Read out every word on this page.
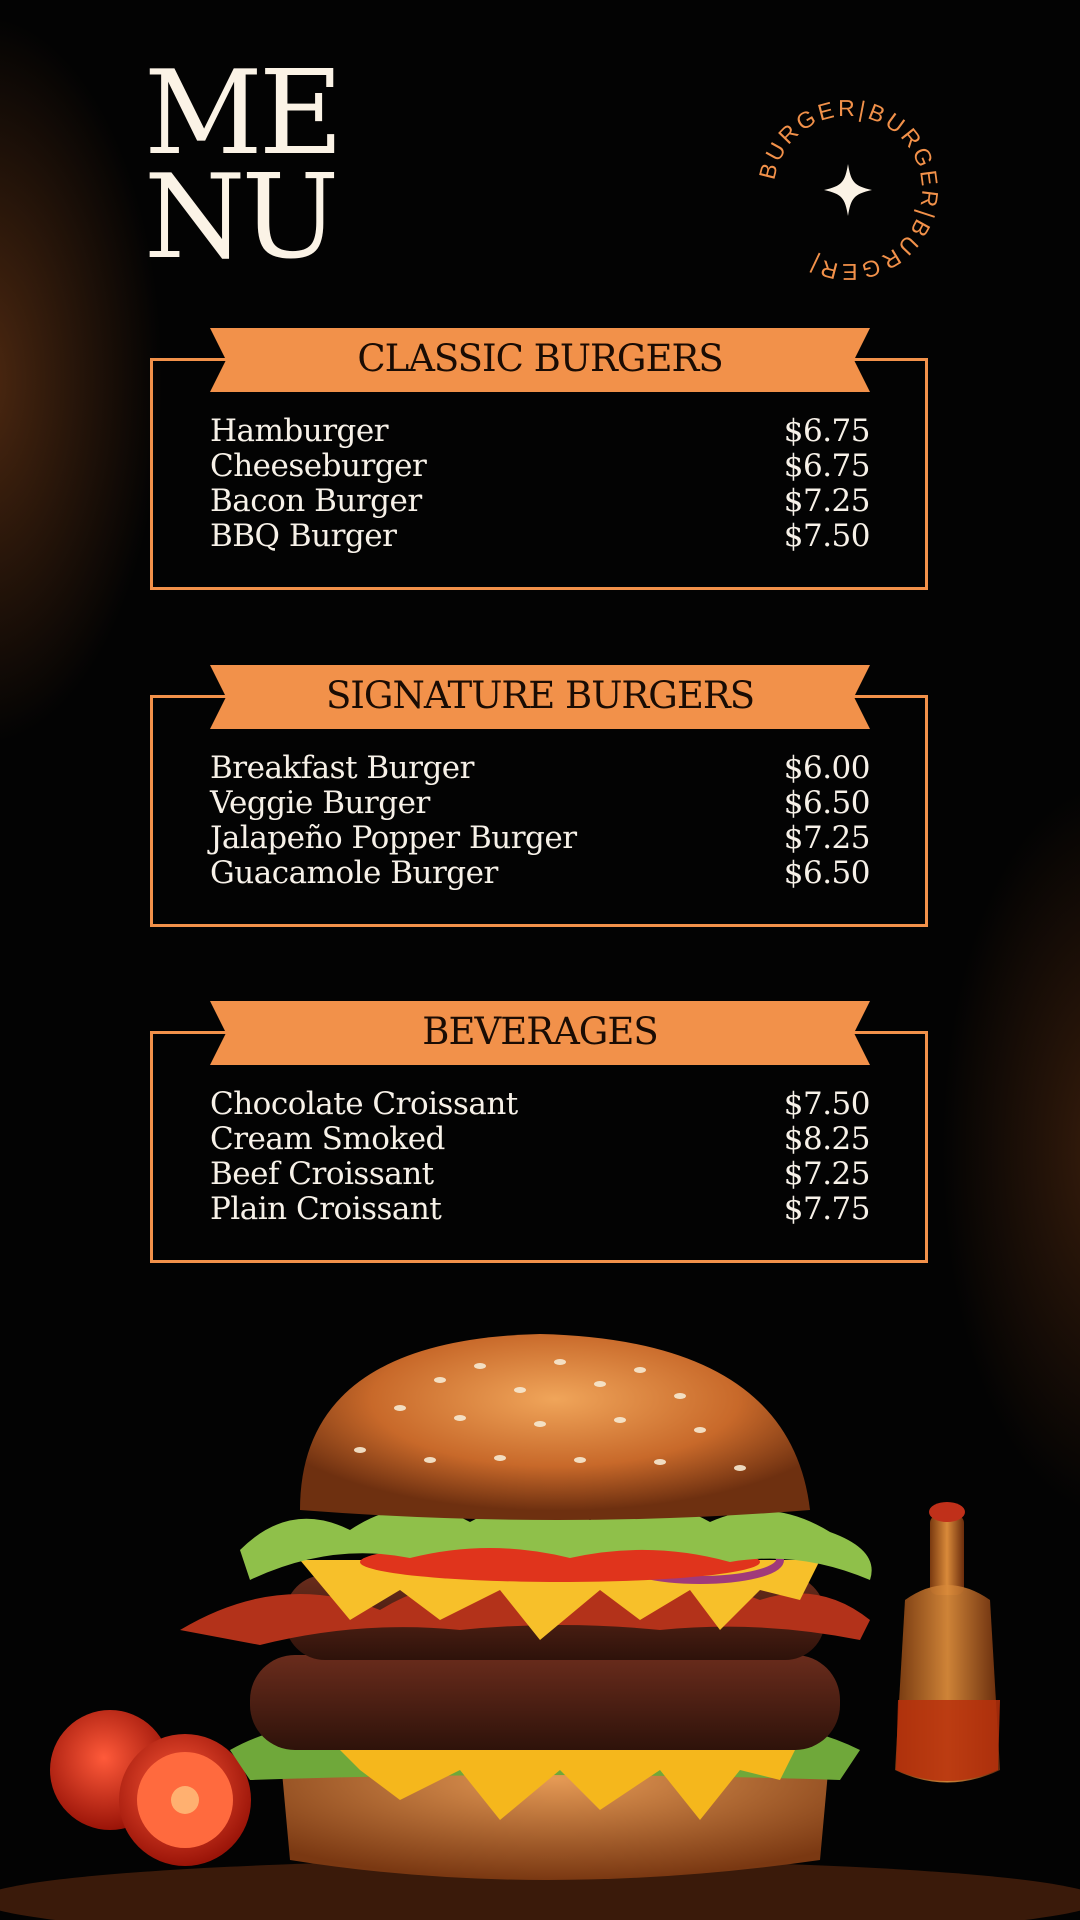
ME
NU	BURGER|BURGER|BURGER|
CLASSIC BURGERS
Hamburger	$6.75
Cheeseburger	$6.75
Bacon Burger	$7.25
BBQ Burger	$7.50
SIGNATURE BURGERS
Breakfast Burger	$6.00
Veggie Burger	$6.50
Jalapeño Popper Burger	$7.25
Guacamole Burger	$6.50
BEVERAGES
Chocolate Croissant	$7.50
Cream Smoked	$8.25
Beef Croissant	$7.25
Plain Croissant	$7.75
